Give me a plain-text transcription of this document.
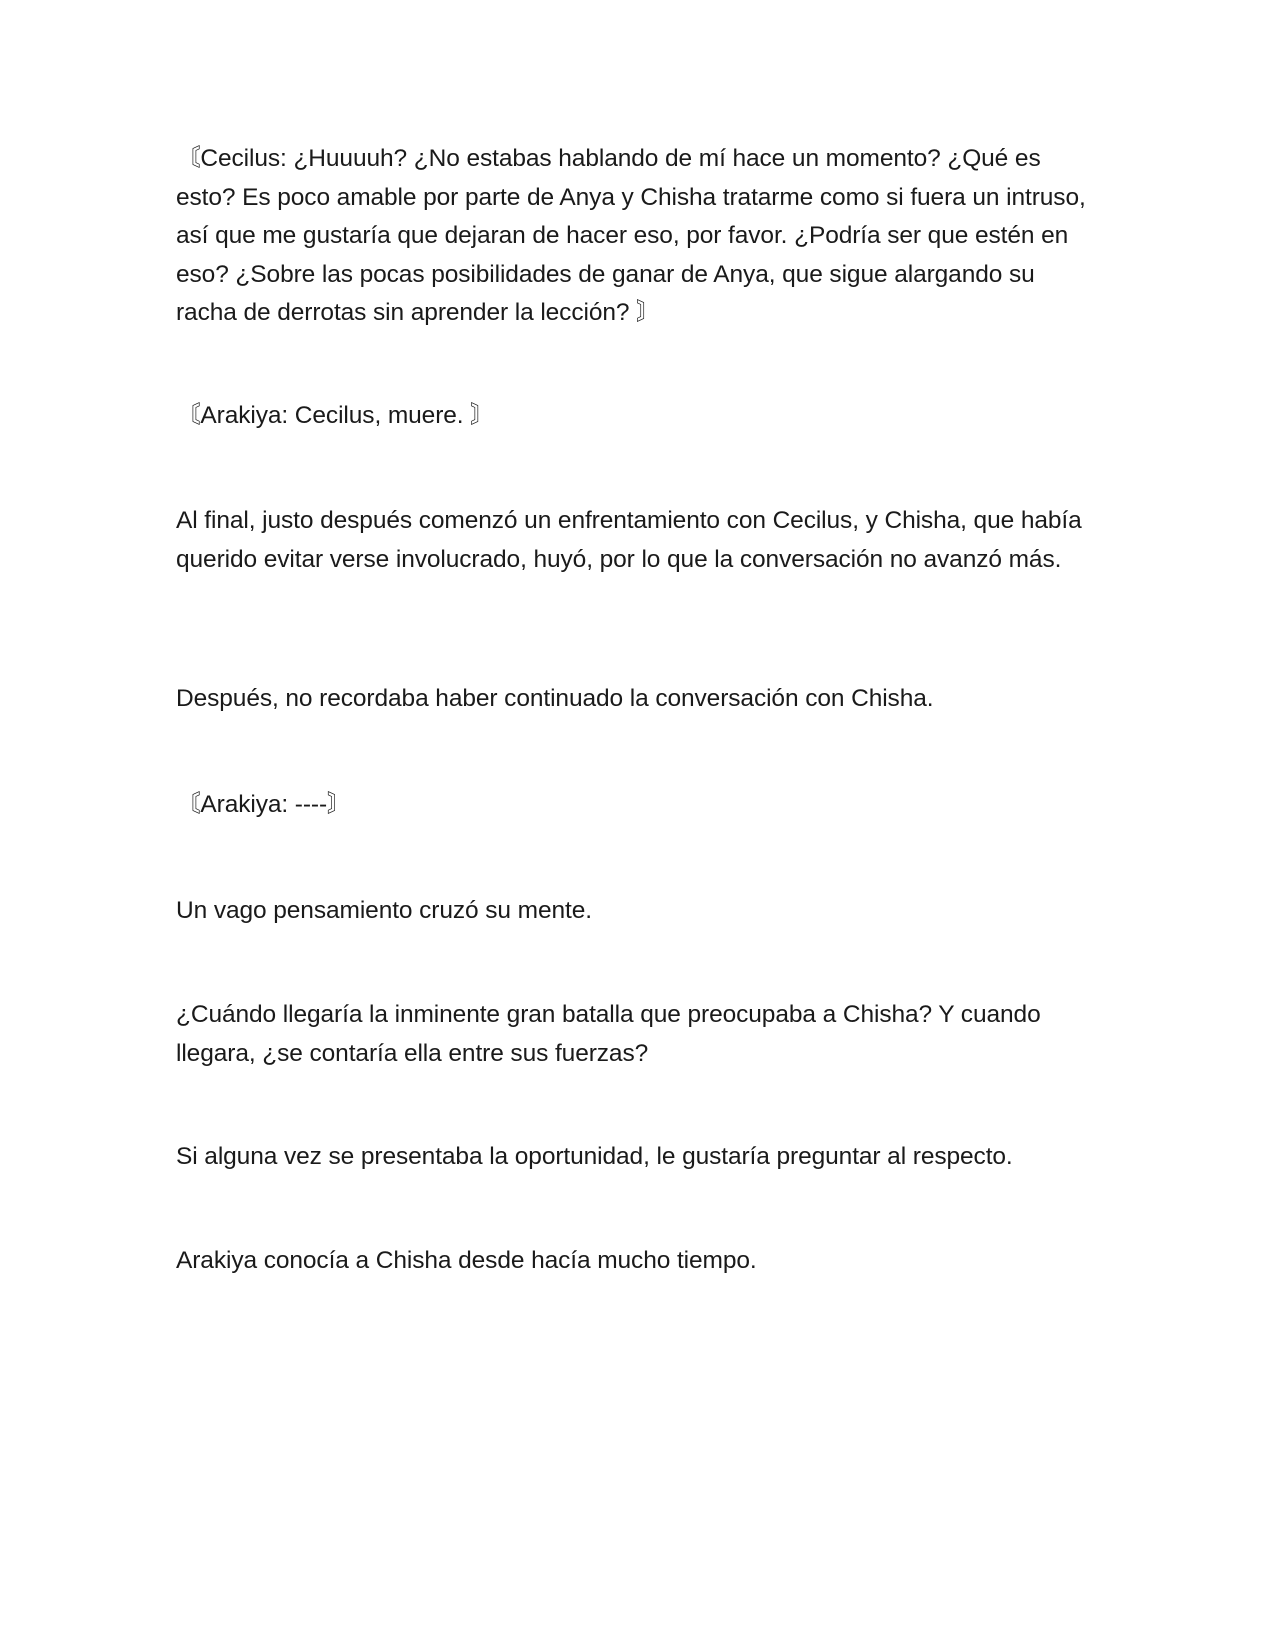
〘Cecilus: ¿Huuuuh? ¿No estabas hablando de mí hace un momento? ¿Qué es esto? Es poco amable por parte de Anya y Chisha tratarme como si fuera un intruso, así que me gustaría que dejaran de hacer eso, por favor. ¿Podría ser que estén en eso? ¿Sobre las pocas posibilidades de ganar de Anya, que sigue alargando su racha de derrotas sin aprender la lección? 〙

〘Arakiya: Cecilus, muere. 〙

Al final, justo después comenzó un enfrentamiento con Cecilus, y Chisha, que había querido evitar verse involucrado, huyó, por lo que la conversación no avanzó más.

Después, no recordaba haber continuado la conversación con Chisha.

〘Arakiya: ----〙

Un vago pensamiento cruzó su mente.

¿Cuándo llegaría la inminente gran batalla que preocupaba a Chisha? Y cuando llegara, ¿se contaría ella entre sus fuerzas?

Si alguna vez se presentaba la oportunidad, le gustaría preguntar al respecto.

Arakiya conocía a Chisha desde hacía mucho tiempo.
